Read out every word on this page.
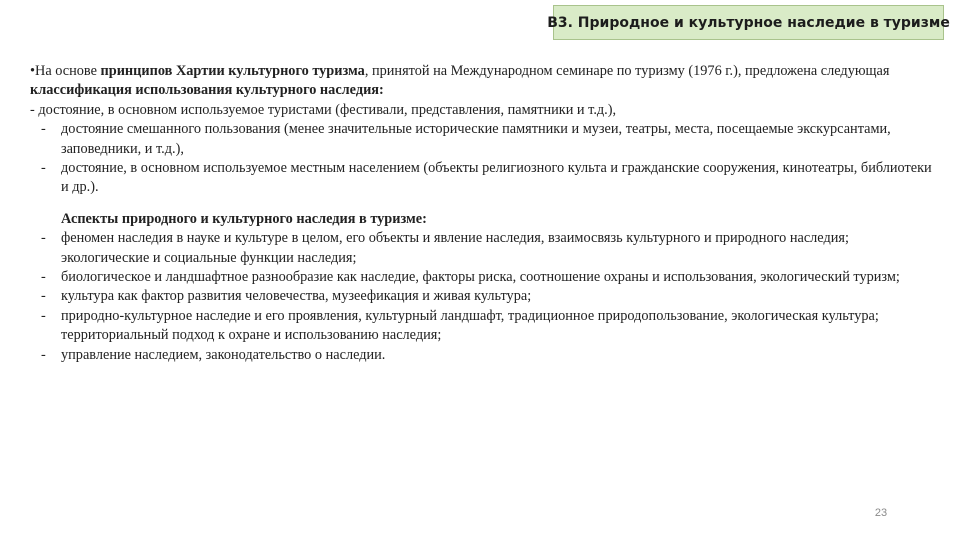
В3. Природное и культурное наследие в туризме

•На основе принципов Хартии культурного туризма, принятой на Международном семинаре по туризму (1976 г.), предложена следующая классификация использования культурного наследия:

- достояние, в основном используемое туристами (фестивали, представления, памятники и т.д.),

- достояние смешанного пользования (менее значительные исторические памятники и музеи, театры, места, посещаемые экскурсантами, заповедники, и т.д.),

- достояние, в основном используемое местным населением (объекты религиозного культа и гражданские сооружения, кинотеатры, библиотеки и др.).

Аспекты природного и культурного наследия в туризме:

- феномен наследия в науке и культуре в целом, его объекты и явление наследия, взаимосвязь культурного и природного наследия; экологические и социальные функции наследия;

- биологическое и ландшафтное разнообразие как наследие, факторы риска, соотношение охраны и использования, экологический туризм;

- культура как фактор развития человечества, музеефикация и живая культура;

- природно-культурное наследие и его проявления, культурный ландшафт, традиционное природопользование, экологическая культура; территориальный подход к охране и использованию наследия;

- управление наследием, законодательство о наследии.

23
